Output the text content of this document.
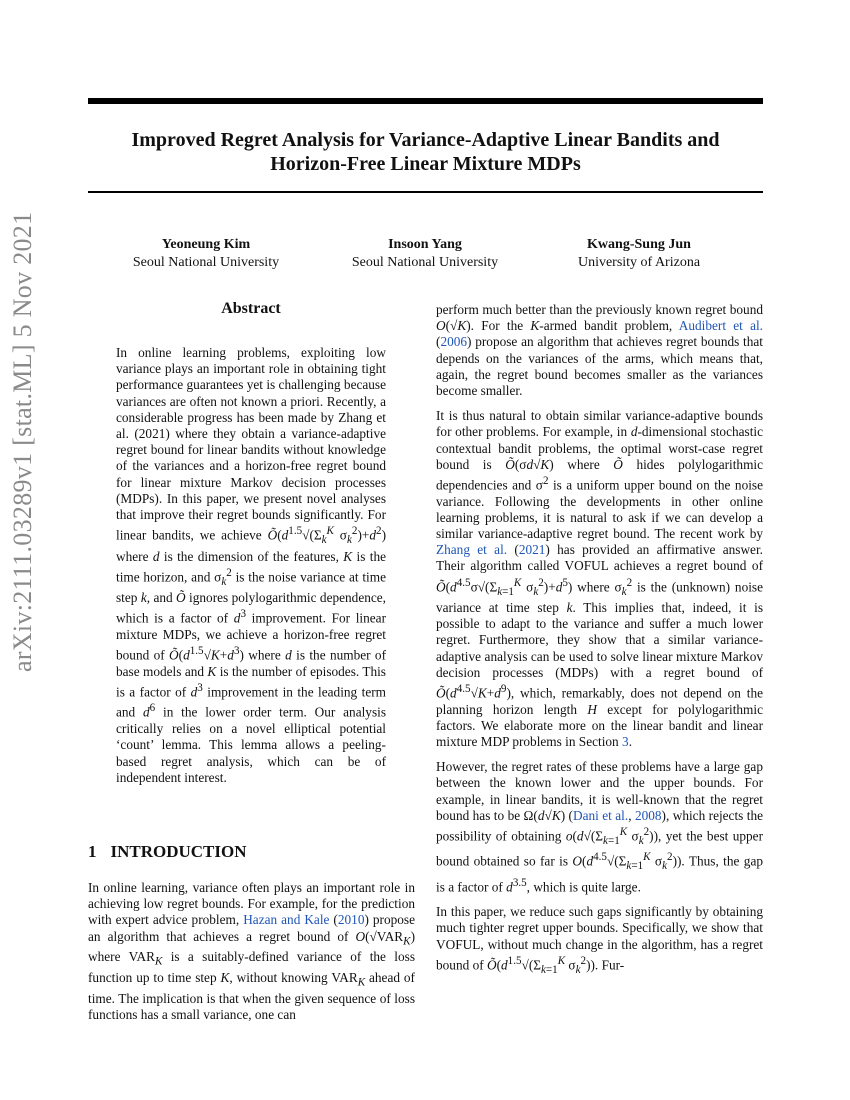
Improved Regret Analysis for Variance-Adaptive Linear Bandits and
Horizon-Free Linear Mixture MDPs
Yeoneung Kim
Seoul National University
Insoon Yang
Seoul National University
Kwang-Sung Jun
University of Arizona
arXiv:2111.03289v1 [stat.ML] 5 Nov 2021	Abstract

In online learning problems, exploiting low variance plays an important role in obtaining tight performance guarantees yet is challenging because variances are often not known a priori. Recently, a considerable progress has been made by Zhang et al. (2021) where they obtain a variance-adaptive regret bound for linear bandits without knowledge of the variances and a horizon-free regret bound for linear mixture Markov decision processes (MDPs). In this paper, we present novel analyses that improve their regret bounds significantly. For linear bandits, we achieve $Õ(d^{1.5}√(\Sigma_k^K$ $\sigma_k^2)+d^2$) where d is the dimension of the features, K is the time horizon, and $\sigma_k^2$ is the noise variance at time step k, and Õ ignores polylogarithmic dependence, which is a factor of $d^3$ improvement. For linear mixture MDPs, we achieve a horizon-free regret bound of $Õ(d^{1.5}√K+d^3)$ where d is the number of base models and K is the number of episodes. This is a factor of $d^3$ improvement in the leading term and $d^6$ in the lower order term. Our analysis critically relies on a novel elliptical potential ‘count’ lemma. This lemma allows a peeling-based regret analysis, which can be of independent interest.

1 INTRODUCTION

In online learning, variance often plays an important role in achieving low regret bounds. For example, for the prediction with expert advice problem, Hazan and Kale (2010) propose an algorithm that achieves a regret bound of $O(√VAR_K)$ where $VAR_K$ is a suitably-defined variance of the loss function up to time step K, without knowing $VAR_K$ ahead of time. The implication is that when the given sequence of loss functions has a small variance, one can

perform much better than the previously known regret bound O(√K). For the K-armed bandit problem, Audibert et al. (2006) propose an algorithm that achieves regret bounds that depends on the variances of the arms, which means that, again, the regret bound becomes smaller as the variances become smaller.

It is thus natural to obtain similar variance-adaptive bounds for other problems. For example, in d-dimensional stochastic contextual bandit problems, the optimal worst-case regret bound is Õ(σd√K) where Õ hides polylogarithmic dependencies and $\sigma^2$ is a uniform upper bound on the noise variance. Following the developments in other online learning problems, it is natural to ask if we can develop a similar variance-adaptive regret bound. The recent work by Zhang et al. (2021) has provided an affirmative answer. Their algorithm called VOFUL achieves a regret bound of $Õ(d^{4.5}\sigma√(\Sigma_{k=1}^K$ $\sigma_k^2)+d^5$) where $\sigma_k^2$ is the (unknown) noise variance at time step k. This implies that, indeed, it is possible to adapt to the variance and suffer a much lower regret. Furthermore, they show that a similar variance-adaptive analysis can be used to solve linear mixture Markov decision processes (MDPs) with a regret bound of $Õ(d^{4.5}√K+d^9)$, which, remarkably, does not depend on the planning horizon length H except for polylogarithmic factors. We elaborate more on the linear bandit and linear mixture MDP problems in Section 3.

However, the regret rates of these problems have a large gap between the known lower and the upper bounds. For example, in linear bandits, it is well-known that the regret bound has to be Ω(d√K) (Dani et al., 2008), which rejects the possibility of obtaining $o(d√(\Sigma_{k=1}^K$ $\sigma_k^2$)), yet the best upper bound obtained so far is $O(d^{4.5}√(\Sigma_{k=1}^K$ $\sigma_k^2$)). Thus, the gap is a factor of $d^{3.5}$, which is quite large.

In this paper, we reduce such gaps significantly by obtaining much tighter regret upper bounds. Specifically, we show that VOFUL, without much change in the algorithm, has a regret bound of $Õ(d^{1.5}√(\Sigma_{k=1}^K$ $\sigma_k^2$)). Fur-
